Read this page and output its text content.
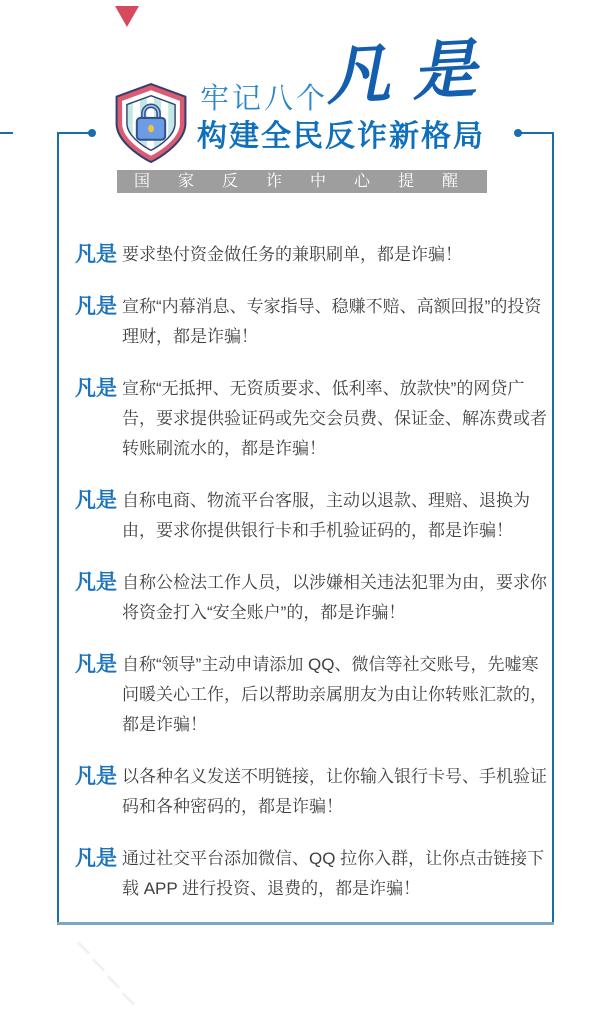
牢记八个
凡是
构建全民反诈新格局
国家反诈中心提醒
凡是 要求垫付资金做任务的兼职刷单，都是诈骗！
凡是 宣称“内幕消息、专家指导、稳赚不赔、高额回报”的投资理财，都是诈骗！
凡是 宣称“无抵押、无资质要求、低利率、放款快”的网贷广告，要求提供验证码或先交会员费、保证金、解冻费或者转账刷流水的，都是诈骗！
凡是 自称电商、物流平台客服，主动以退款、理赔、退换为由，要求你提供银行卡和手机验证码的，都是诈骗！
凡是 自称公检法工作人员，以涉嫌相关违法犯罪为由，要求你将资金打入“安全账户”的，都是诈骗！
凡是 自称“领导”主动申请添加 QQ、微信等社交账号，先嘘寒问暖关心工作，后以帮助亲属朋友为由让你转账汇款的，都是诈骗！
凡是 以各种名义发送不明链接，让你输入银行卡号、手机验证码和各种密码的，都是诈骗！
凡是 通过社交平台添加微信、QQ 拉你入群，让你点击链接下载 APP 进行投资、退费的，都是诈骗！
